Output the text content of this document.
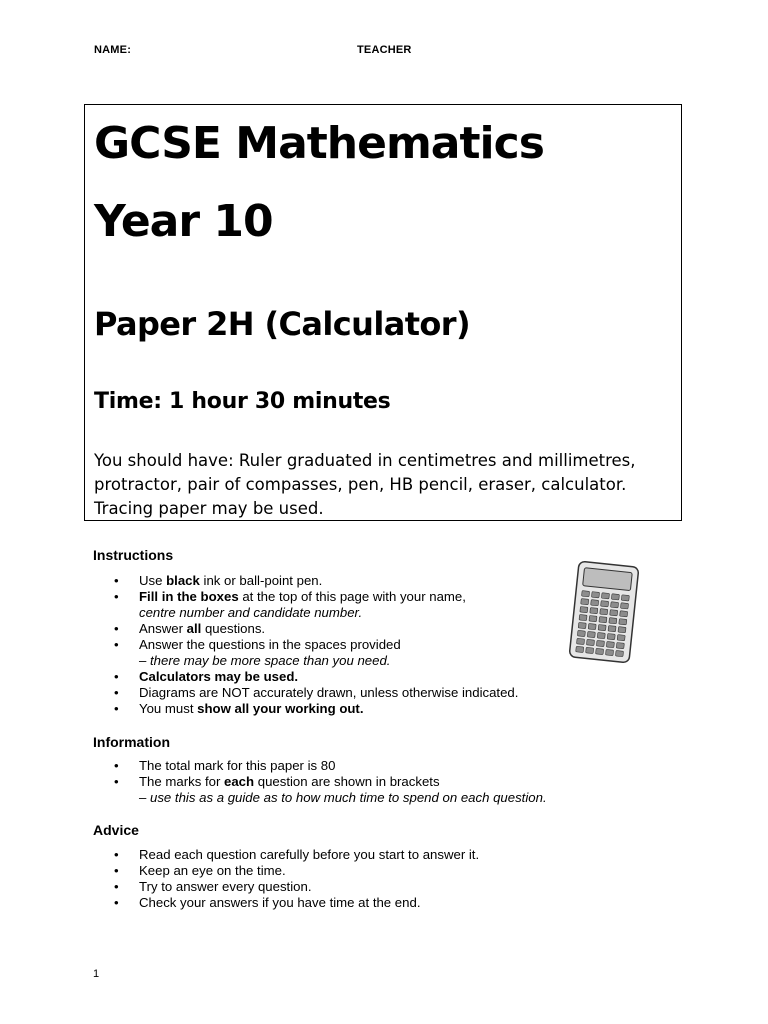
NAME:	TEACHER
GCSE Mathematics
Year 10
Paper 2H (Calculator)
Time: 1 hour 30 minutes
You should have: Ruler graduated in centimetres and millimetres, protractor, pair of compasses, pen, HB pencil, eraser, calculator. Tracing paper may be used.
Instructions
• Use black ink or ball-point pen.
• Fill in the boxes at the top of this page with your name,
centre number and candidate number.
• Answer all questions.
• Answer the questions in the spaces provided
– there may be more space than you need.
• Calculators may be used.
• Diagrams are NOT accurately drawn, unless otherwise indicated.
• You must show all your working out.
Information
• The total mark for this paper is 80
• The marks for each question are shown in brackets
– use this as a guide as to how much time to spend on each question.
Advice
• Read each question carefully before you start to answer it.
• Keep an eye on the time.
• Try to answer every question.
• Check your answers if you have time at the end.
1
